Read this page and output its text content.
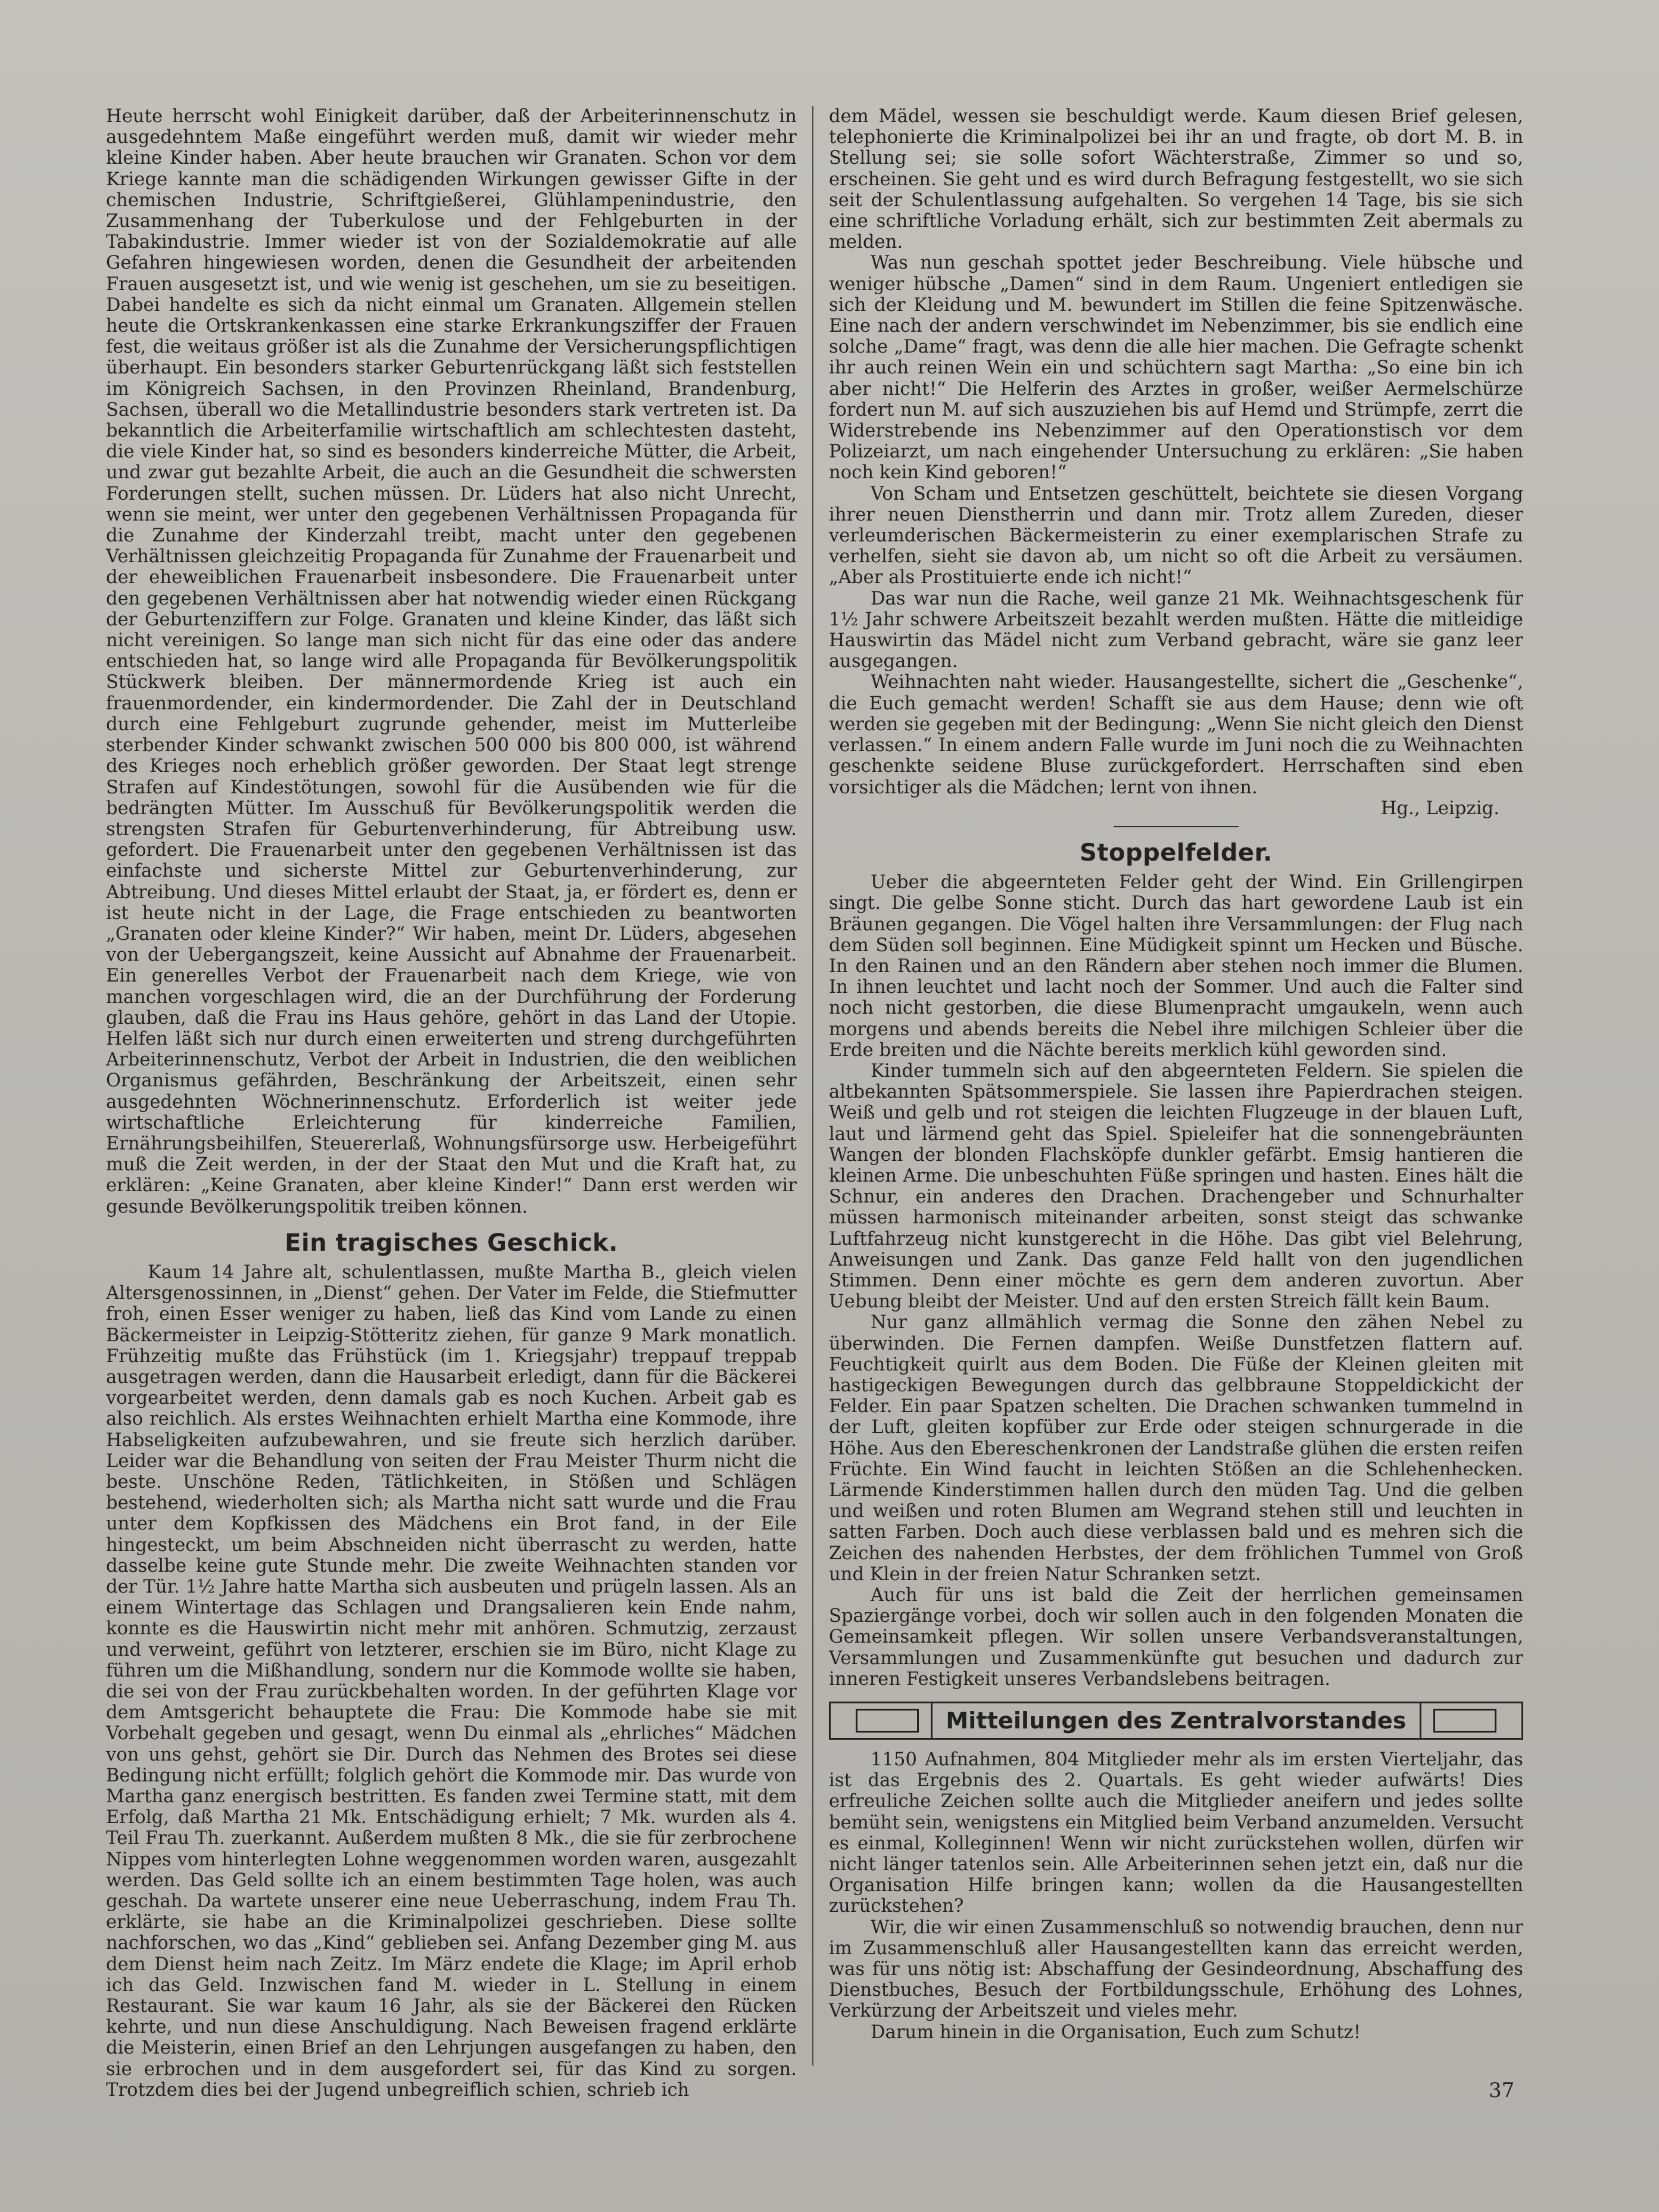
Heute herrscht wohl Einigkeit darüber, daß der Arbeiterinnenschutz in ausgedehntem Maße eingeführt werden muß, damit wir wieder mehr kleine Kinder haben. Aber heute brauchen wir Granaten. Schon vor dem Kriege kannte man die schädigenden Wirkungen gewisser Gifte in der chemischen Industrie, Schriftgießerei, Glühlampenindustrie, den Zusammenhang der Tuberkulose und der Fehlgeburten in der Tabakindustrie. Immer wieder ist von der Sozialdemokratie auf alle Gefahren hingewiesen worden, denen die Gesundheit der arbeitenden Frauen ausgesetzt ist, und wie wenig ist geschehen, um sie zu beseitigen. Dabei handelte es sich da nicht einmal um Granaten. Allgemein stellen heute die Ortskrankenkassen eine starke Erkrankungsziffer der Frauen fest, die weitaus größer ist als die Zunahme der Versicherungspflichtigen überhaupt. Ein besonders starker Geburtenrückgang läßt sich feststellen im Königreich Sachsen, in den Provinzen Rheinland, Brandenburg, Sachsen, überall wo die Metallindustrie besonders stark vertreten ist. Da bekanntlich die Arbeiterfamilie wirtschaftlich am schlechtesten dasteht, die viele Kinder hat, so sind es besonders kinderreiche Mütter, die Arbeit, und zwar gut bezahlte Arbeit, die auch an die Gesundheit die schwersten Forderungen stellt, suchen müssen. Dr. Lüders hat also nicht Unrecht, wenn sie meint, wer unter den gegebenen Verhältnissen Propaganda für die Zunahme der Kinderzahl treibt, macht unter den gegebenen Verhältnissen gleichzeitig Propaganda für Zunahme der Frauenarbeit und der eheweiblichen Frauenarbeit insbesondere. Die Frauenarbeit unter den gegebenen Verhältnissen aber hat notwendig wieder einen Rückgang der Geburtenziffern zur Folge. Granaten und kleine Kinder, das läßt sich nicht vereinigen. So lange man sich nicht für das eine oder das andere entschieden hat, so lange wird alle Propaganda für Bevölkerungspolitik Stückwerk bleiben. Der männermordende Krieg ist auch ein frauenmordender, ein kindermordender. Die Zahl der in Deutschland durch eine Fehlgeburt zugrunde gehender, meist im Mutterleibe sterbender Kinder schwankt zwischen 500 000 bis 800 000, ist während des Krieges noch erheblich größer geworden. Der Staat legt strenge Strafen auf Kindestötungen, sowohl für die Ausübenden wie für die bedrängten Mütter. Im Ausschuß für Bevölkerungspolitik werden die strengsten Strafen für Geburtenverhinderung, für Abtreibung usw. gefordert. Die Frauenarbeit unter den gegebenen Verhältnissen ist das einfachste und sicherste Mittel zur Geburtenverhinderung, zur Abtreibung. Und dieses Mittel erlaubt der Staat, ja, er fördert es, denn er ist heute nicht in der Lage, die Frage entschieden zu beantworten „Granaten oder kleine Kinder?“ Wir haben, meint Dr. Lüders, abgesehen von der Uebergangszeit, keine Aussicht auf Abnahme der Frauenarbeit. Ein generelles Verbot der Frauenarbeit nach dem Kriege, wie von manchen vorgeschlagen wird, die an der Durchführung der Forderung glauben, daß die Frau ins Haus gehöre, gehört in das Land der Utopie. Helfen läßt sich nur durch einen erweiterten und streng durchgeführten Arbeiterinnenschutz, Verbot der Arbeit in Industrien, die den weiblichen Organismus gefährden, Beschränkung der Arbeitszeit, einen sehr ausgedehnten Wöchnerinnenschutz. Erforderlich ist weiter jede wirtschaftliche Erleichterung für kinderreiche Familien, Ernährungsbeihilfen, Steuererlaß, Wohnungsfürsorge usw. Herbeigeführt muß die Zeit werden, in der der Staat den Mut und die Kraft hat, zu erklären: „Keine Granaten, aber kleine Kinder!“ Dann erst werden wir gesunde Bevölkerungspolitik treiben können.

Ein tragisches Geschick.

Kaum 14 Jahre alt, schulentlassen, mußte Martha B., gleich vielen Altersgenossinnen, in „Dienst“ gehen. Der Vater im Felde, die Stiefmutter froh, einen Esser weniger zu haben, ließ das Kind vom Lande zu einen Bäckermeister in Leipzig-Stötteritz ziehen, für ganze 9 Mark monatlich. Frühzeitig mußte das Frühstück (im 1. Kriegsjahr) treppauf treppab ausgetragen werden, dann die Hausarbeit erledigt, dann für die Bäckerei vorgearbeitet werden, denn damals gab es noch Kuchen. Arbeit gab es also reichlich. Als erstes Weihnachten erhielt Martha eine Kommode, ihre Habseligkeiten aufzubewahren, und sie freute sich herzlich darüber. Leider war die Behandlung von seiten der Frau Meister Thurm nicht die beste. Unschöne Reden, Tätlichkeiten, in Stößen und Schlägen bestehend, wiederholten sich; als Martha nicht satt wurde und die Frau unter dem Kopfkissen des Mädchens ein Brot fand, in der Eile hingesteckt, um beim Abschneiden nicht überrascht zu werden, hatte dasselbe keine gute Stunde mehr. Die zweite Weihnachten standen vor der Tür. 1½ Jahre hatte Martha sich ausbeuten und prügeln lassen. Als an einem Wintertage das Schlagen und Drangsalieren kein Ende nahm, konnte es die Hauswirtin nicht mehr mit anhören. Schmutzig, zerzaust und verweint, geführt von letzterer, erschien sie im Büro, nicht Klage zu führen um die Mißhandlung, sondern nur die Kommode wollte sie haben, die sei von der Frau zurückbehalten worden. In der geführten Klage vor dem Amtsgericht behauptete die Frau: Die Kommode habe sie mit Vorbehalt gegeben und gesagt, wenn Du einmal als „ehrliches“ Mädchen von uns gehst, gehört sie Dir. Durch das Nehmen des Brotes sei diese Bedingung nicht erfüllt; folglich gehört die Kommode mir. Das wurde von Martha ganz energisch bestritten. Es fanden zwei Termine statt, mit dem Erfolg, daß Martha 21 Mk. Entschädigung erhielt; 7 Mk. wurden als 4. Teil Frau Th. zuerkannt. Außerdem mußten 8 Mk., die sie für zerbrochene Nippes vom hinterlegten Lohne weggenommen worden waren, ausgezahlt werden. Das Geld sollte ich an einem bestimmten Tage holen, was auch geschah. Da wartete unserer eine neue Ueberraschung, indem Frau Th. erklärte, sie habe an die Kriminalpolizei geschrieben. Diese sollte nachforschen, wo das „Kind“ geblieben sei. Anfang Dezember ging M. aus dem Dienst heim nach Zeitz. Im März endete die Klage; im April erhob ich das Geld. Inzwischen fand M. wieder in L. Stellung in einem Restaurant. Sie war kaum 16 Jahr, als sie der Bäckerei den Rücken kehrte, und nun diese Anschuldigung. Nach Beweisen fragend erklärte die Meisterin, einen Brief an den Lehrjungen ausgefangen zu haben, den sie erbrochen und in dem ausgefordert sei, für das Kind zu sorgen. Trotzdem dies bei der Jugend unbegreiflich schien, schrieb ich

dem Mädel, wessen sie beschuldigt werde. Kaum diesen Brief gelesen, telephonierte die Kriminalpolizei bei ihr an und fragte, ob dort M. B. in Stellung sei; sie solle sofort Wächterstraße, Zimmer so und so, erscheinen. Sie geht und es wird durch Befragung festgestellt, wo sie sich seit der Schulentlassung aufgehalten. So vergehen 14 Tage, bis sie sich eine schriftliche Vorladung erhält, sich zur bestimmten Zeit abermals zu melden.

Was nun geschah spottet jeder Beschreibung. Viele hübsche und weniger hübsche „Damen“ sind in dem Raum. Ungeniert entledigen sie sich der Kleidung und M. bewundert im Stillen die feine Spitzenwäsche. Eine nach der andern verschwindet im Nebenzimmer, bis sie endlich eine solche „Dame“ fragt, was denn die alle hier machen. Die Gefragte schenkt ihr auch reinen Wein ein und schüchtern sagt Martha: „So eine bin ich aber nicht!“ Die Helferin des Arztes in großer, weißer Aermelschürze fordert nun M. auf sich auszuziehen bis auf Hemd und Strümpfe, zerrt die Widerstrebende ins Nebenzimmer auf den Operationstisch vor dem Polizeiarzt, um nach eingehender Untersuchung zu erklären: „Sie haben noch kein Kind geboren!“

Von Scham und Entsetzen geschüttelt, beichtete sie diesen Vorgang ihrer neuen Dienstherrin und dann mir. Trotz allem Zureden, dieser verleumderischen Bäckermeisterin zu einer exemplarischen Strafe zu verhelfen, sieht sie davon ab, um nicht so oft die Arbeit zu versäumen. „Aber als Prostituierte ende ich nicht!“

Das war nun die Rache, weil ganze 21 Mk. Weihnachtsgeschenk für 1½ Jahr schwere Arbeitszeit bezahlt werden mußten. Hätte die mitleidige Hauswirtin das Mädel nicht zum Verband gebracht, wäre sie ganz leer ausgegangen.

Weihnachten naht wieder. Hausangestellte, sichert die „Geschenke“, die Euch gemacht werden! Schafft sie aus dem Hause; denn wie oft werden sie gegeben mit der Bedingung: „Wenn Sie nicht gleich den Dienst verlassen.“ In einem andern Falle wurde im Juni noch die zu Weihnachten geschenkte seidene Bluse zurückgefordert. Herrschaften sind eben vorsichtiger als die Mädchen; lernt von ihnen.

Hg., Leipzig.
Stoppelfelder.

Ueber die abgeernteten Felder geht der Wind. Ein Grillengirpen singt. Die gelbe Sonne sticht. Durch das hart gewordene Laub ist ein Bräunen gegangen. Die Vögel halten ihre Versammlungen: der Flug nach dem Süden soll beginnen. Eine Müdigkeit spinnt um Hecken und Büsche. In den Rainen und an den Rändern aber stehen noch immer die Blumen. In ihnen leuchtet und lacht noch der Sommer. Und auch die Falter sind noch nicht gestorben, die diese Blumenpracht umgaukeln, wenn auch morgens und abends bereits die Nebel ihre milchigen Schleier über die Erde breiten und die Nächte bereits merklich kühl geworden sind.

Kinder tummeln sich auf den abgeernteten Feldern. Sie spielen die altbekannten Spätsommerspiele. Sie lassen ihre Papierdrachen steigen. Weiß und gelb und rot steigen die leichten Flugzeuge in der blauen Luft, laut und lärmend geht das Spiel. Spieleifer hat die sonnengebräunten Wangen der blonden Flachsköpfe dunkler gefärbt. Emsig hantieren die kleinen Arme. Die unbeschuhten Füße springen und hasten. Eines hält die Schnur, ein anderes den Drachen. Drachengeber und Schnurhalter müssen harmonisch miteinander arbeiten, sonst steigt das schwanke Luftfahrzeug nicht kunstgerecht in die Höhe. Das gibt viel Belehrung, Anweisungen und Zank. Das ganze Feld hallt von den jugendlichen Stimmen. Denn einer möchte es gern dem anderen zuvortun. Aber Uebung bleibt der Meister. Und auf den ersten Streich fällt kein Baum.

Nur ganz allmählich vermag die Sonne den zähen Nebel zu überwinden. Die Fernen dampfen. Weiße Dunstfetzen flattern auf. Feuchtigkeit quirlt aus dem Boden. Die Füße der Kleinen gleiten mit hastigeckigen Bewegungen durch das gelbbraune Stoppeldickicht der Felder. Ein paar Spatzen schelten. Die Drachen schwanken tummelnd in der Luft, gleiten kopfüber zur Erde oder steigen schnurgerade in die Höhe. Aus den Ebereschenkronen der Landstraße glühen die ersten reifen Früchte. Ein Wind faucht in leichten Stößen an die Schlehenhecken. Lärmende Kinderstimmen hallen durch den müden Tag. Und die gelben und weißen und roten Blumen am Wegrand stehen still und leuchten in satten Farben. Doch auch diese verblassen bald und es mehren sich die Zeichen des nahenden Herbstes, der dem fröhlichen Tummel von Groß und Klein in der freien Natur Schranken setzt.

Auch für uns ist bald die Zeit der herrlichen gemeinsamen Spaziergänge vorbei, doch wir sollen auch in den folgenden Monaten die Gemeinsamkeit pflegen. Wir sollen unsere Verbandsveranstaltungen, Versammlungen und Zusammenkünfte gut besuchen und dadurch zur inneren Festigkeit unseres Verbandslebens beitragen.

Mitteilungen des Zentralvorstandes

1150 Aufnahmen, 804 Mitglieder mehr als im ersten Vierteljahr, das ist das Ergebnis des 2. Quartals. Es geht wieder aufwärts! Dies erfreuliche Zeichen sollte auch die Mitglieder aneifern und jedes sollte bemüht sein, wenigstens ein Mitglied beim Verband anzumelden. Versucht es einmal, Kolleginnen! Wenn wir nicht zurückstehen wollen, dürfen wir nicht länger tatenlos sein. Alle Arbeiterinnen sehen jetzt ein, daß nur die Organisation Hilfe bringen kann; wollen da die Hausangestellten zurückstehen?

Wir, die wir einen Zusammenschluß so notwendig brauchen, denn nur im Zusammenschluß aller Hausangestellten kann das erreicht werden, was für uns nötig ist: Abschaffung der Gesindeordnung, Abschaffung des Dienstbuches, Besuch der Fortbildungsschule, Erhöhung des Lohnes, Verkürzung der Arbeitszeit und vieles mehr.

Darum hinein in die Organisation, Euch zum Schutz!

37
